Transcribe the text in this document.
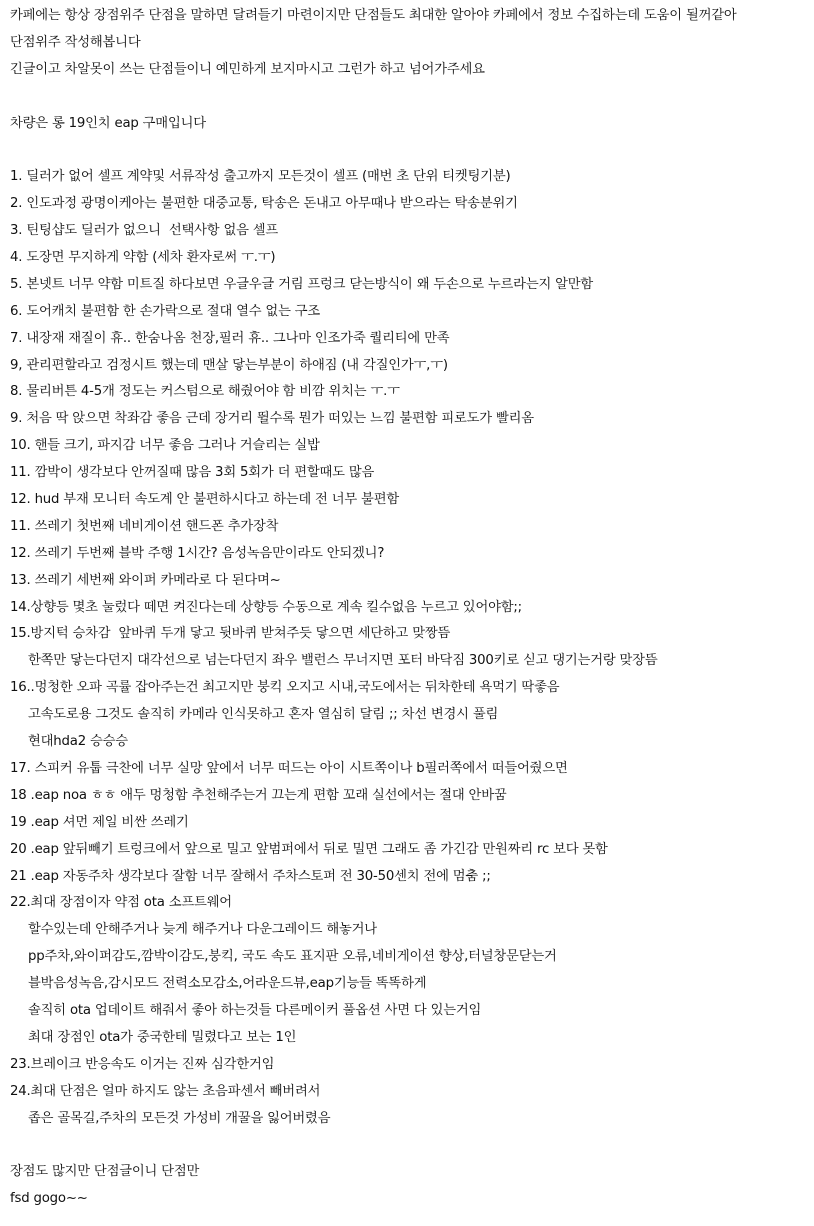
카페에는 항상 장점위주 단점을 말하면 달려들기 마련이지만 단점들도 최대한 알아야 카페에서 정보 수집하는데 도움이 될꺼같아
단점위주 작성해봅니다
긴글이고 차알못이 쓰는 단점들이니 예민하게 보지마시고 그런가 하고 넘어가주세요
차량은 롱 19인치 eap 구매입니다
1. 딜러가 없어 셀프 계약및 서류작성 출고까지 모든것이 셀프 (매번 초 단위 티켓팅기분)
2. 인도과정 광명이케아는 불편한 대중교통, 탁송은 돈내고 아무때나 받으라는 탁송분위기
3. 틴팅샵도 딜러가 없으니  선택사항 없음 셀프
4. 도장면 무지하게 약함 (세차 환자로써 ㅜ.ㅜ)
5. 본넷트 너무 약함 미트질 하다보면 우글우글 거림 프렁크 닫는방식이 왜 두손으로 누르라는지 알만함
6. 도어캐치 불편함 한 손가락으로 절대 열수 없는 구조
7. 내장재 재질이 휴.. 한숨나옴 천장,필러 휴.. 그나마 인조가죽 퀄리티에 만족
9, 관리편할라고 검정시트 했는데 맨살 닿는부분이 하애짐 (내 각질인가ㅜ,ㅜ)
8. 물리버튼 4-5개 정도는 커스텀으로 해줬어야 함 비깜 위치는 ㅜ.ㅜ
9. 처음 딱 앉으면 착좌감 좋음 근데 장거리 뛸수록 뭔가 떠있는 느낌 불편함 피로도가 빨리옴
10. 핸들 크기, 파지감 너무 좋음 그러나 거슬리는 실밥
11. 깜박이 생각보다 안꺼질때 많음 3회 5회가 더 편할때도 많음
12. hud 부재 모니터 속도계 안 불편하시다고 하는데 전 너무 불편함
11. 쓰레기 첫번째 네비게이션 핸드폰 추가장착
12. 쓰레기 두번째 블박 주행 1시간? 음성녹음만이라도 안되겠니?
13. 쓰레기 세번째 와이퍼 카메라로 다 된다며~
14.상향등 몇초 눌렀다 떼면 켜진다는데 상향등 수동으로 계속 킬수없음 누르고 있어야함;;
15.방지턱 승차감  앞바퀴 두개 닿고 뒷바퀴 받쳐주듯 닿으면 세단하고 맞짱뜸
한쪽만 닿는다던지 대각선으로 넘는다던지 좌우 밸런스 무너지면 포터 바닥짐 300키로 싣고 댕기는거랑 맞장뜸
16..멍청한 오파 곡률 잡아주는건 최고지만 붕킥 오지고 시내,국도에서는 뒤차한테 욕먹기 딱좋음
고속도로용 그것도 솔직히 카메라 인식못하고 혼자 열심히 달림 ;; 차선 변경시 풀림
현대hda2 승승승
17. 스피커 유툽 극찬에 너무 실망 앞에서 너무 떠드는 아이 시트쪽이나 b필러쪽에서 떠들어줬으면
18 .eap noa ㅎㅎ 애두 멍청함 추천해주는거 끄는게 편함 꼬래 실선에서는 절대 안바꿈
19 .eap 셔먼 제일 비싼 쓰레기
20 .eap 앞뒤빼기 트렁크에서 앞으로 밀고 앞범퍼에서 뒤로 밀면 그래도 좀 가긴감 만원짜리 rc 보다 못함
21 .eap 자동주차 생각보다 잘함 너무 잘해서 주차스토퍼 전 30-50센치 전에 멈춤 ;;
22.최대 장점이자 약점 ota 소프트웨어
할수있는데 안해주거나 늦게 해주거나 다운그레이드 해놓거나
pp주차,와이퍼감도,깜박이감도,붕킥, 국도 속도 표지판 오류,네비게이션 향상,터널창문닫는거
블박음성녹음,감시모드 전력소모감소,어라운드뷰,eap기능들 똑똑하게
솔직히 ota 업데이트 해줘서 좋아 하는것들 다른메이커 풀옵션 사면 다 있는거임
최대 장점인 ota가 중국한테 밀렸다고 보는 1인
23.브레이크 반응속도 이거는 진짜 심각한거임
24.최대 단점은 얼마 하지도 않는 초음파센서 빼버려서
좁은 골목길,주차의 모든것 가성비 개꿀을 잃어버렸음
장점도 많지만 단점글이니 단점만
fsd gogo~~
